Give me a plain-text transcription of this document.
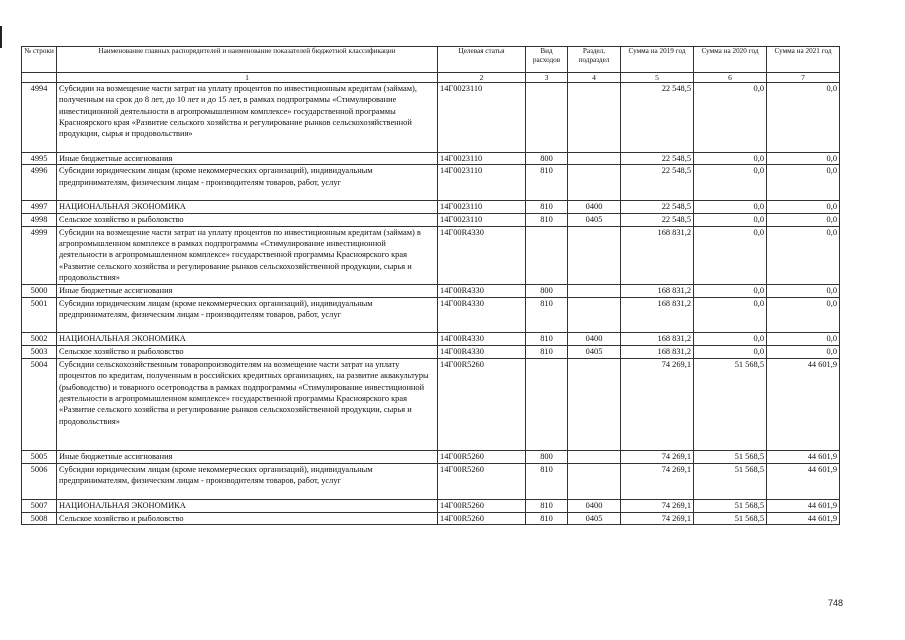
№ строки	Наименование главных распорядителей и наименование показателей бюджетной классификации	Целевая статья	Вид расходов	Раздел, подраздел	Сумма на 2019 год	Сумма на 2020 год	Сумма на 2021 год
	1	2	3	4	5	6	7
4994	Субсидии на возмещение части затрат на уплату процентов по инвестиционным кредитам (займам), полученным на срок до 8 лет, до 10 лет и до 15 лет, в рамках подпрограммы «Стимулирование инвестиционной деятельности в агропромышленном комплексе» государственной программы Красноярского края «Развитие сельского хозяйства и регулирование рынков сельскохозяйственной продукции, сырья и продовольствия»	14Г0023110			22 548,5	0,0	0,0
4995	Иные бюджетные ассигнования	14Г0023110	800		22 548,5	0,0	0,0
4996	Субсидии юридическим лицам (кроме некоммерческих организаций), индивидуальным предпринимателям, физическим лицам - производителям товаров, работ, услуг	14Г0023110	810		22 548,5	0,0	0,0
4997	НАЦИОНАЛЬНАЯ ЭКОНОМИКА	14Г0023110	810	0400	22 548,5	0,0	0,0
4998	Сельское хозяйство и рыболовство	14Г0023110	810	0405	22 548,5	0,0	0,0
4999	Субсидии на возмещение части затрат на уплату процентов по инвестиционным кредитам (займам) в агропромышленном комплексе в рамках подпрограммы «Стимулирование инвестиционной деятельности в агропромышленном комплексе» государственной программы Красноярского края «Развитие сельского хозяйства и регулирование рынков сельскохозяйственной продукции, сырья и продовольствия»	14Г00R4330			168 831,2	0,0	0,0
5000	Иные бюджетные ассигнования	14Г00R4330	800		168 831,2	0,0	0,0
5001	Субсидии юридическим лицам (кроме некоммерческих организаций), индивидуальным предпринимателям, физическим лицам - производителям товаров, работ, услуг	14Г00R4330	810		168 831,2	0,0	0,0
5002	НАЦИОНАЛЬНАЯ ЭКОНОМИКА	14Г00R4330	810	0400	168 831,2	0,0	0,0
5003	Сельское хозяйство и рыболовство	14Г00R4330	810	0405	168 831,2	0,0	0,0
5004	Субсидии сельскохозяйственным товаропроизводителям на возмещение части затрат на уплату процентов по кредитам, полученным в российских кредитных организациях, на развитие аквакультуры (рыбоводство) и товарного осетроводства в рамках подпрограммы «Стимулирование инвестиционной деятельности в агропромышленном комплексе» государственной программы Красноярского края «Развитие сельского хозяйства и регулирование рынков сельскохозяйственной продукции, сырья и продовольствия»	14Г00R5260			74 269,1	51 568,5	44 601,9
5005	Иные бюджетные ассигнования	14Г00R5260	800		74 269,1	51 568,5	44 601,9
5006	Субсидии юридическим лицам (кроме некоммерческих организаций), индивидуальным предпринимателям, физическим лицам - производителям товаров, работ, услуг	14Г00R5260	810		74 269,1	51 568,5	44 601,9
5007	НАЦИОНАЛЬНАЯ ЭКОНОМИКА	14Г00R5260	810	0400	74 269,1	51 568,5	44 601,9
5008	Сельское хозяйство и рыболовство	14Г00R5260	810	0405	74 269,1	51 568,5	44 601,9
748
